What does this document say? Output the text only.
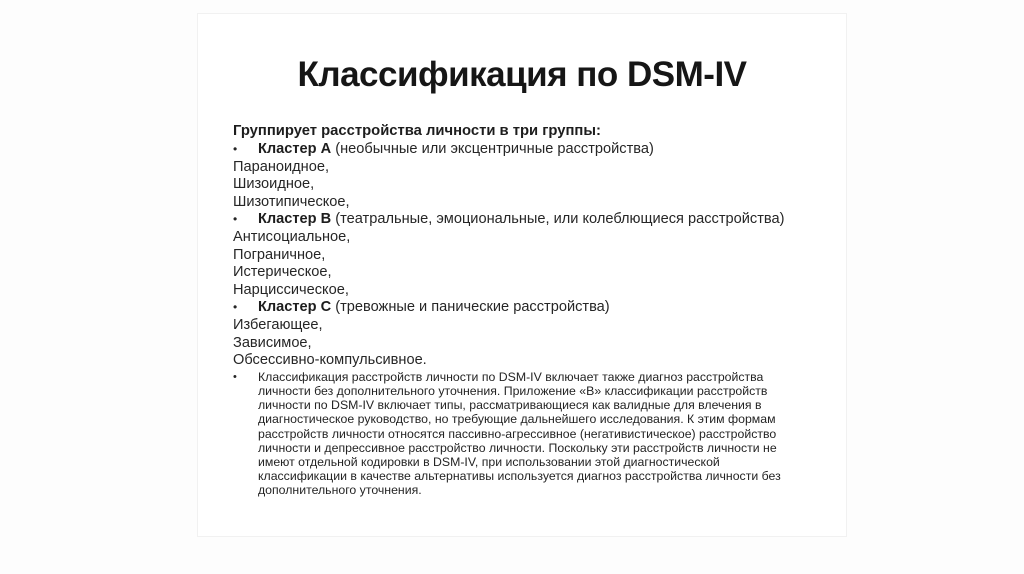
Классификация по DSM-IV

Группирует расстройства личности в три группы:

•	Кластер А (необычные или эксцентричные расстройства)

Параноидное,

Шизоидное,

Шизотипическое,

•	Кластер В (театральные, эмоциональные, или колеблющиеся расстройства)

Антисоциальное,

Пограничное,

Истерическое,

Нарциссическое,

•	Кластер С (тревожные и панические расстройства)

Избегающее,

Зависимое,

Обсессивно-компульсивное.

•	Классификация расстройств личности по DSM-IV включает также диагноз расстройства личности без дополнительного уточнения. Приложение «В» классификации расстройств личности по DSM-IV включает типы, рассматривающиеся как валидные для влечения в диагностическое руководство, но требующие дальнейшего исследования. К этим формам расстройств личности относятся пассивно-агрессивное (негативистическое) расстройство личности и депрессивное расстройство личности. Поскольку эти расстройств личности не имеют отдельной кодировки в DSM-IV, при использовании этой диагностической классификации в качестве альтернативы используется диагноз расстройства личности без дополнительного уточнения.
